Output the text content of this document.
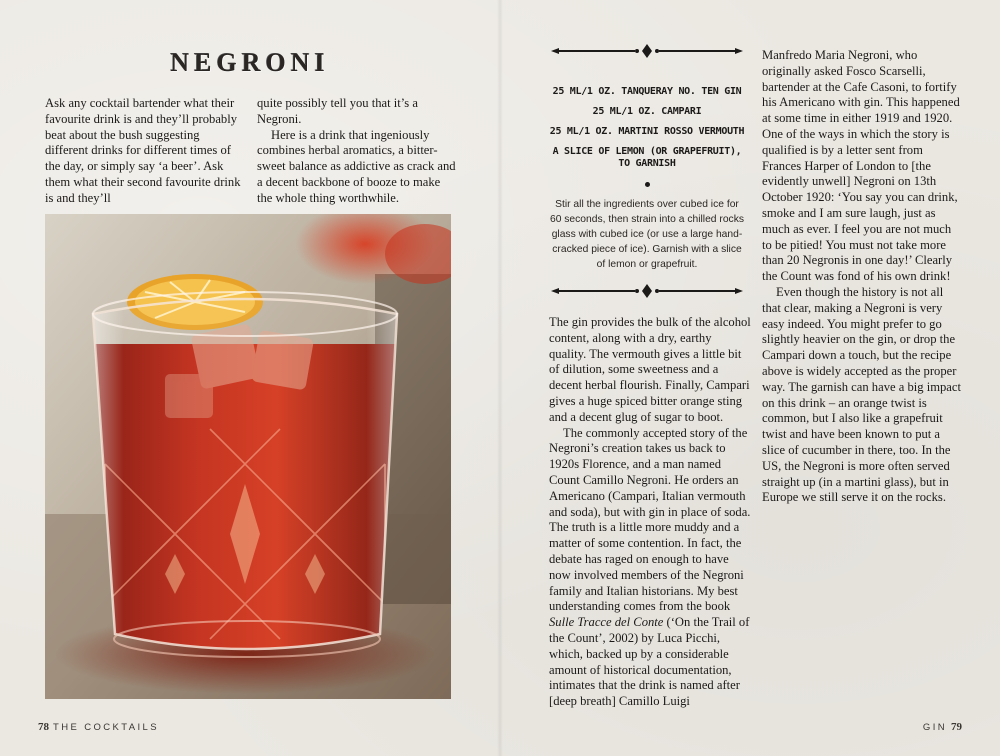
NEGRONI

Ask any cocktail bartender what their favourite drink is and they’ll probably beat about the bush suggesting different drinks for different times of the day, or simply say ‘a beer’. Ask them what their second favourite drink is and they’ll

quite possibly tell you that it’s a Negroni.

Here is a drink that ingeniously combines herbal aromatics, a bitter-sweet balance as addictive as crack and a decent backbone of booze to make the whole thing worthwhile.

25 ML/1 OZ. TANQUERAY NO. TEN GIN

25 ML/1 OZ. CAMPARI

25 ML/1 OZ. MARTINI ROSSO VERMOUTH

A SLICE OF LEMON (OR GRAPEFRUIT), TO GARNISH

Stir all the ingredients over cubed ice for 60 seconds, then strain into a chilled rocks glass with cubed ice (or use a large hand-cracked piece of ice). Garnish with a slice of lemon or grapefruit.

The gin provides the bulk of the alcohol content, along with a dry, earthy quality. The vermouth gives a little bit of dilution, some sweetness and a decent herbal flourish. Finally, Campari gives a huge spiced bitter orange sting and a decent glug of sugar to boot.

The commonly accepted story of the Negroni’s creation takes us back to 1920s Florence, and a man named Count Camillo Negroni. He orders an Americano (Campari, Italian vermouth and soda), but with gin in place of soda. The truth is a little more muddy and a matter of some contention. In fact, the debate has raged on enough to have now involved members of the Negroni family and Italian historians. My best understanding comes from the book Sulle Tracce del Conte (‘On the Trail of the Count’, 2002) by Luca Picchi, which, backed up by a considerable amount of historical documentation, intimates that the drink is named after [deep breath] Camillo Luigi

Manfredo Maria Negroni, who originally asked Fosco Scarselli, bartender at the Cafe Casoni, to fortify his Americano with gin. This happened at some time in either 1919 and 1920. One of the ways in which the story is qualified is by a letter sent from Frances Harper of London to [the evidently unwell] Negroni on 13th October 1920: ‘You say you can drink, smoke and I am sure laugh, just as much as ever. I feel you are not much to be pitied! You must not take more than 20 Negronis in one day!’ Clearly the Count was fond of his own drink!

Even though the history is not all that clear, making a Negroni is very easy indeed. You might prefer to go slightly heavier on the gin, or drop the Campari down a touch, but the recipe above is widely accepted as the proper way. The garnish can have a big impact on this drink – an orange twist is common, but I also like a grapefruit twist and have been known to put a slice of cucumber in there, too. In the US, the Negroni is more often served straight up (in a martini glass), but in Europe we still serve it on the rocks.

78 THE COCKTAILS	GIN 79
